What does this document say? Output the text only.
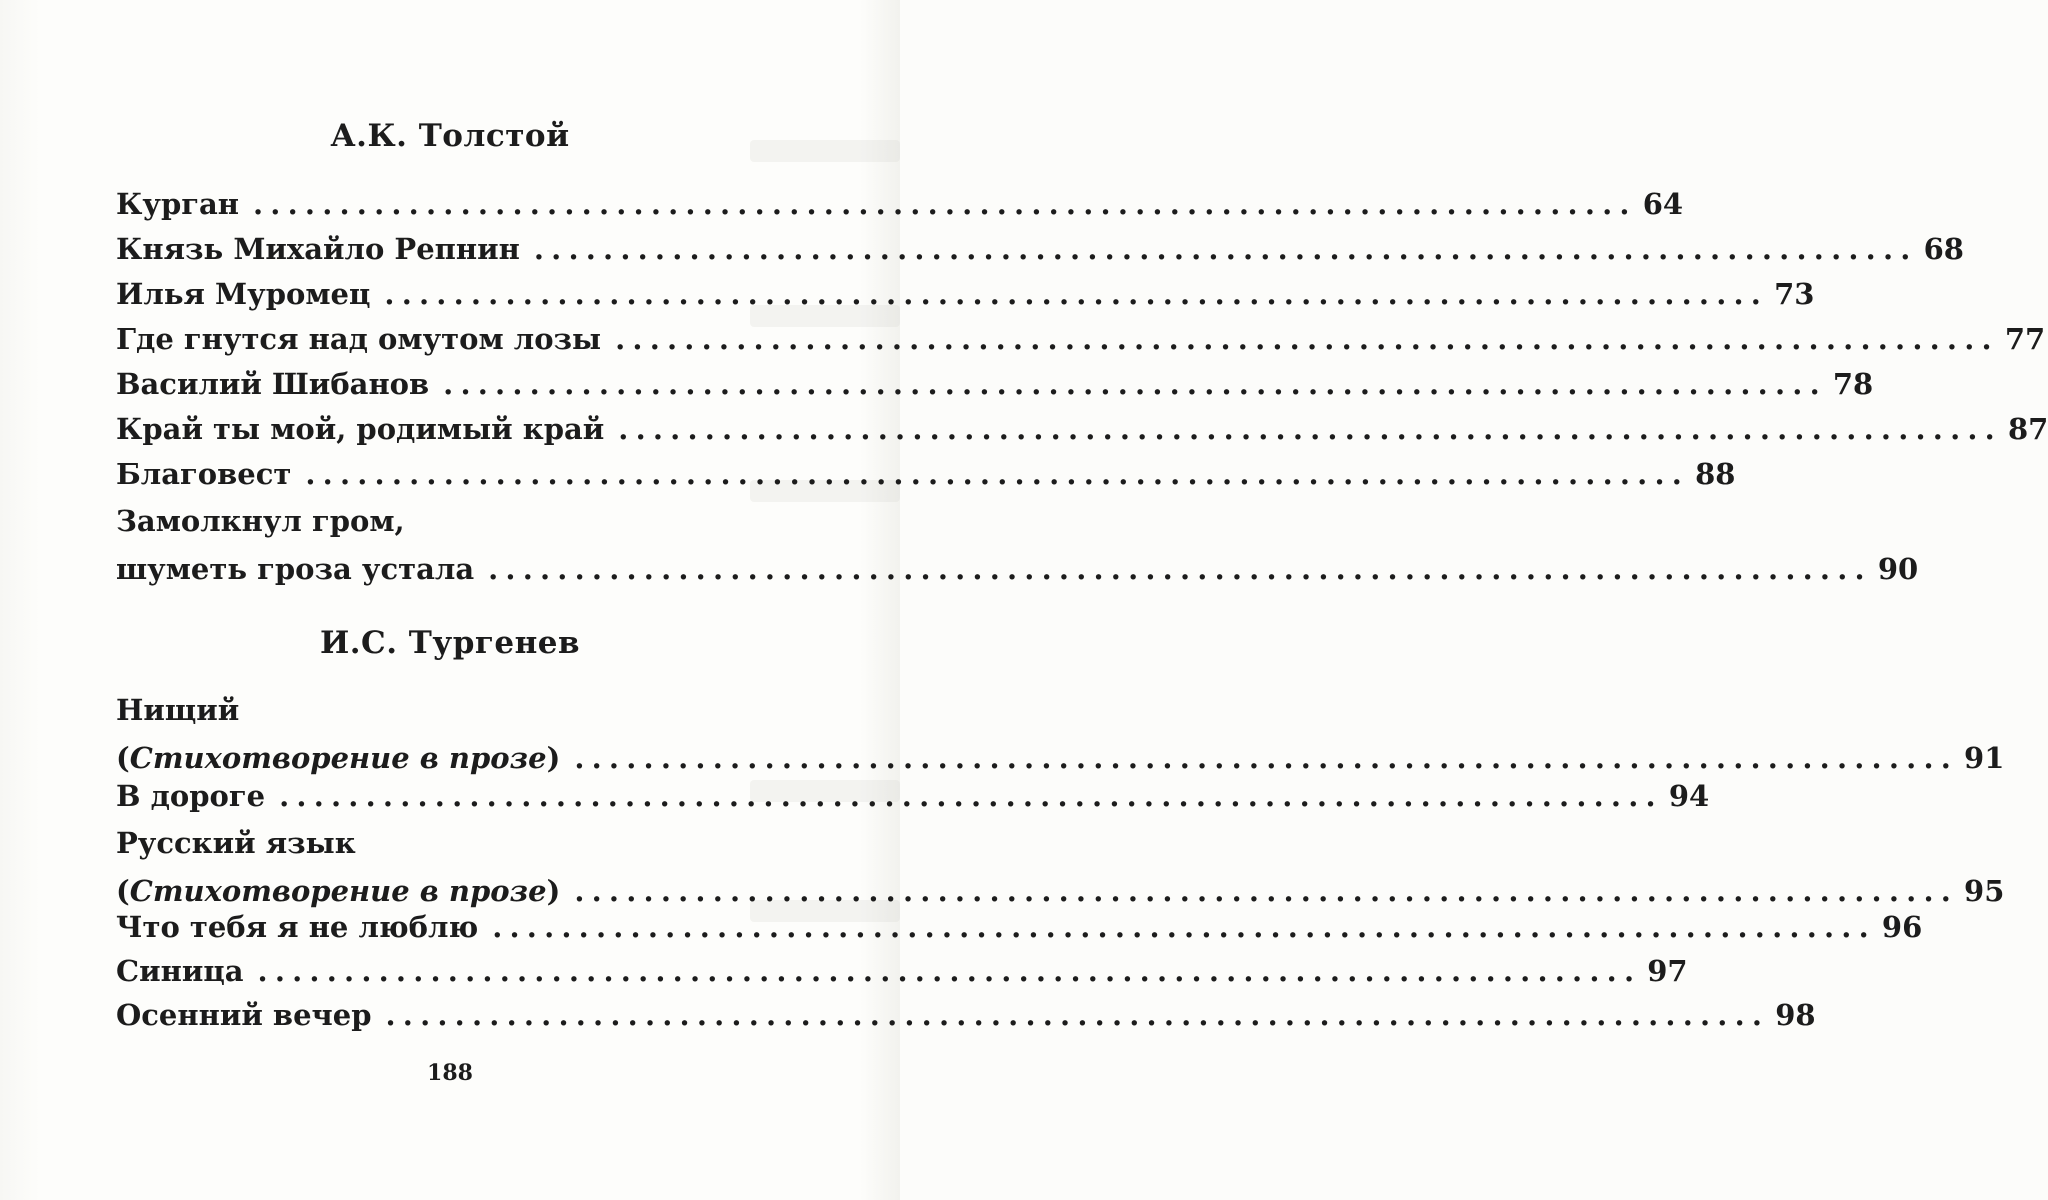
А.К. Толстой
Курган ................................................................................ 64
Князь Михайло Репнин ................................................................................ 68
Илья Муромец ................................................................................ 73
Где гнутся над омутом лозы ................................................................................ 77
Василий Шибанов ................................................................................ 78
Край ты мой, родимый край ................................................................................ 87
Благовест ................................................................................ 88
Замолкнул гром,
шуметь гроза устала ................................................................................ 90
И.С. Тургенев
Нищий
(Стихотворение в прозе) ................................................................................ 91
В дороге ................................................................................ 94
Русский язык
(Стихотворение в прозе) ................................................................................ 95
Что тебя я не люблю ................................................................................ 96
Синица ................................................................................ 97
Осенний вечер ................................................................................ 98
188
